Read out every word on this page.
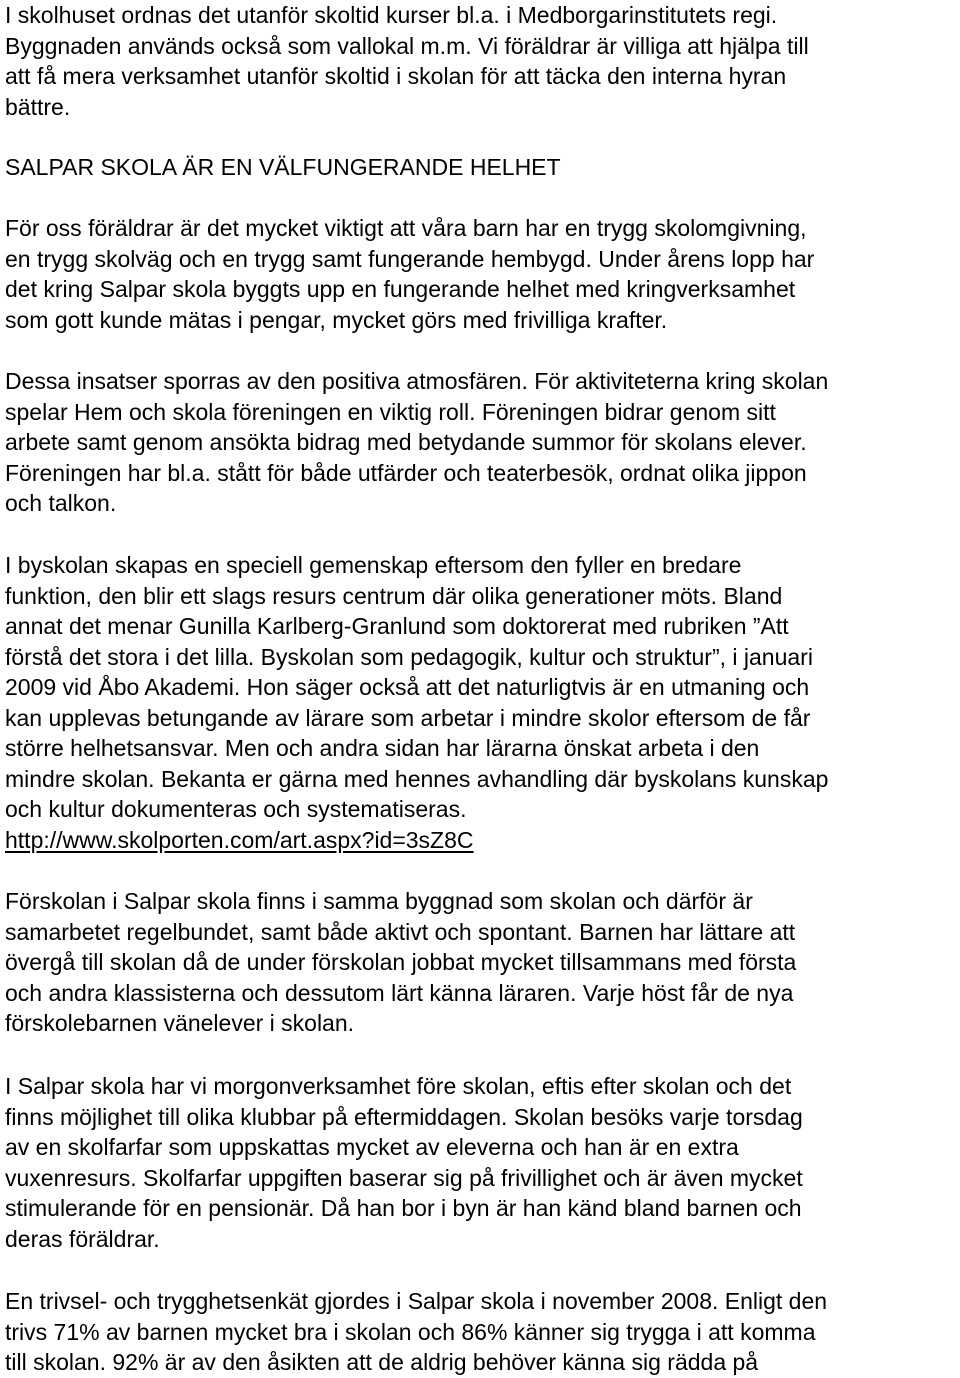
I skolhuset ordnas det utanför skoltid kurser bl.a. i Medborgarinstitutets regi.
Byggnaden används också som vallokal m.m. Vi föräldrar är villiga att hjälpa till
att få mera verksamhet utanför skoltid i skolan för att täcka den interna hyran
bättre.

SALPAR SKOLA ÄR EN VÄLFUNGERANDE HELHET

För oss föräldrar är det mycket viktigt att våra barn har en trygg skolomgivning,
en trygg skolväg och en trygg samt fungerande hembygd. Under årens lopp har
det kring Salpar skola byggts upp en fungerande helhet med kringverksamhet
som gott kunde mätas i pengar, mycket görs med frivilliga krafter.

Dessa insatser sporras av den positiva atmosfären. För aktiviteterna kring skolan
spelar Hem och skola föreningen en viktig roll. Föreningen bidrar genom sitt
arbete samt genom ansökta bidrag med betydande summor för skolans elever.
Föreningen har bl.a. stått för både utfärder och teaterbesök, ordnat olika jippon
och talkon.

I byskolan skapas en speciell gemenskap eftersom den fyller en bredare
funktion, den blir ett slags resurs centrum där olika generationer möts. Bland
annat det menar Gunilla Karlberg-Granlund som doktorerat med rubriken ”Att
förstå det stora i det lilla. Byskolan som pedagogik, kultur och struktur”, i januari
2009 vid Åbo Akademi. Hon säger också att det naturligtvis är en utmaning och
kan upplevas betungande av lärare som arbetar i mindre skolor eftersom de får
större helhetsansvar. Men och andra sidan har lärarna önskat arbeta i den
mindre skolan. Bekanta er gärna med hennes avhandling där byskolans kunskap
och kultur dokumenteras och systematiseras.
http://www.skolporten.com/art.aspx?id=3sZ8C

Förskolan i Salpar skola finns i samma byggnad som skolan och därför är
samarbetet regelbundet, samt både aktivt och spontant. Barnen har lättare att
övergå till skolan då de under förskolan jobbat mycket tillsammans med första
och andra klassisterna och dessutom lärt känna läraren. Varje höst får de nya
förskolebarnen vänelever i skolan.

I Salpar skola har vi morgonverksamhet före skolan, eftis efter skolan och det
finns möjlighet till olika klubbar på eftermiddagen. Skolan besöks varje torsdag
av en skolfarfar som uppskattas mycket av eleverna och han är en extra
vuxenresurs. Skolfarfar uppgiften baserar sig på frivillighet och är även mycket
stimulerande för en pensionär. Då han bor i byn är han känd bland barnen och
deras föräldrar.

En trivsel- och trygghetsenkät gjordes i Salpar skola i november 2008. Enligt den
trivs 71% av barnen mycket bra i skolan och 86% känner sig trygga i att komma
till skolan. 92% är av den åsikten att de aldrig behöver känna sig rädda på
